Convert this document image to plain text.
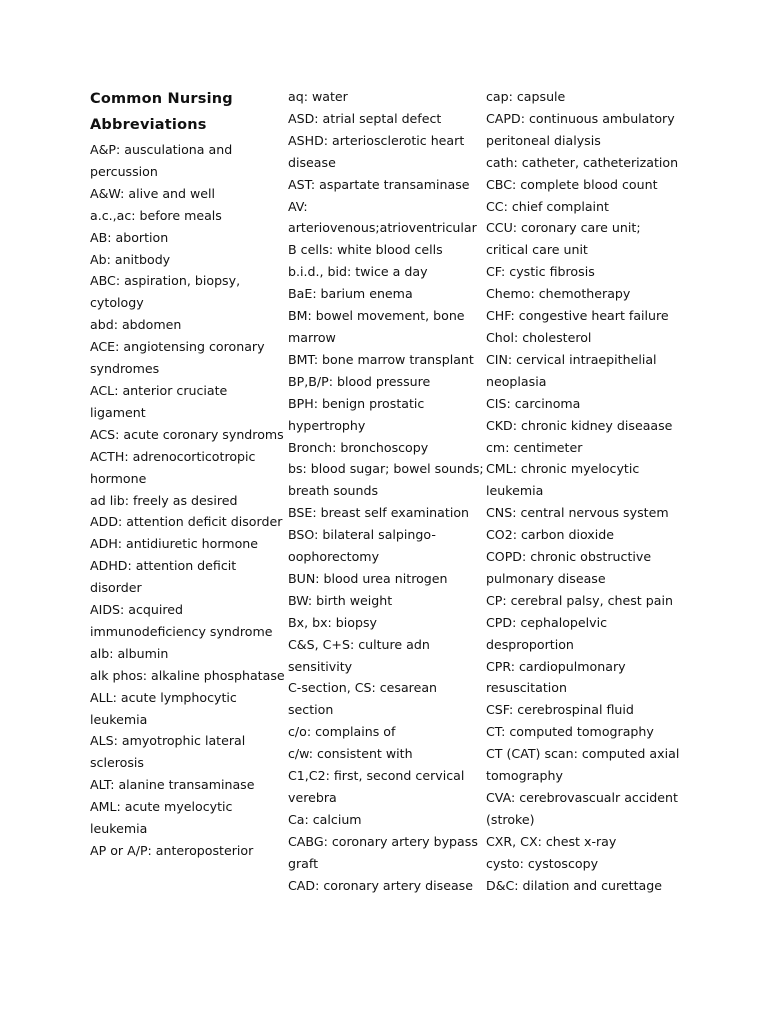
Common Nursing
Abbreviations
A&P: ausculationa and percussion
A&W: alive and well
a.c.,ac: before meals
AB: abortion
Ab: anitbody
ABC: aspiration, biopsy, cytology
abd: abdomen
ACE: angiotensing coronary syndromes
ACL: anterior cruciate ligament
ACS: acute coronary syndroms
ACTH: adrenocorticotropic hormone
ad lib: freely as desired
ADD: attention deficit disorder
ADH: antidiuretic hormone
ADHD: attention deficit disorder
AIDS: acquired immunodeficiency syndrome
alb: albumin
alk phos: alkaline phosphatase
ALL: acute lymphocytic leukemia
ALS: amyotrophic lateral sclerosis
ALT: alanine transaminase
AML: acute myelocytic leukemia
AP or A/P: anteroposterior
aq: water
ASD: atrial septal defect
ASHD: arteriosclerotic heart disease
AST: aspartate transaminase
AV: arteriovenous;atrioventricular
B cells: white blood cells
b.i.d., bid: twice a day
BaE: barium enema
BM: bowel movement, bone marrow
BMT: bone marrow transplant
BP,B/P: blood pressure
BPH: benign prostatic hypertrophy
Bronch: bronchoscopy
bs: blood sugar; bowel sounds; breath sounds
BSE: breast self examination
BSO: bilateral salpingo-oophorectomy
BUN: blood urea nitrogen
BW: birth weight
Bx, bx: biopsy
C&S, C+S: culture adn sensitivity
C-section, CS: cesarean section
c/o: complains of
c/w: consistent with
C1,C2: first, second cervical verebra
Ca: calcium
CABG: coronary artery bypass graft
CAD: coronary artery disease
cap: capsule
CAPD: continuous ambulatory peritoneal dialysis
cath: catheter, catheterization
CBC: complete blood count
CC: chief complaint
CCU: coronary care unit; critical care unit
CF: cystic fibrosis
Chemo: chemotherapy
CHF: congestive heart failure
Chol: cholesterol
CIN: cervical intraepithelial neoplasia
CIS: carcinoma
CKD: chronic kidney diseaase
cm: centimeter
CML: chronic myelocytic leukemia
CNS: central nervous system
CO2: carbon dioxide
COPD: chronic obstructive pulmonary disease
CP: cerebral palsy, chest pain
CPD: cephalopelvic desproportion
CPR: cardiopulmonary resuscitation
CSF: cerebrospinal fluid
CT: computed tomography
CT (CAT) scan: computed axial tomography
CVA: cerebrovascualr accident (stroke)
CXR, CX: chest x-ray
cysto: cystoscopy
D&C: dilation and curettage
